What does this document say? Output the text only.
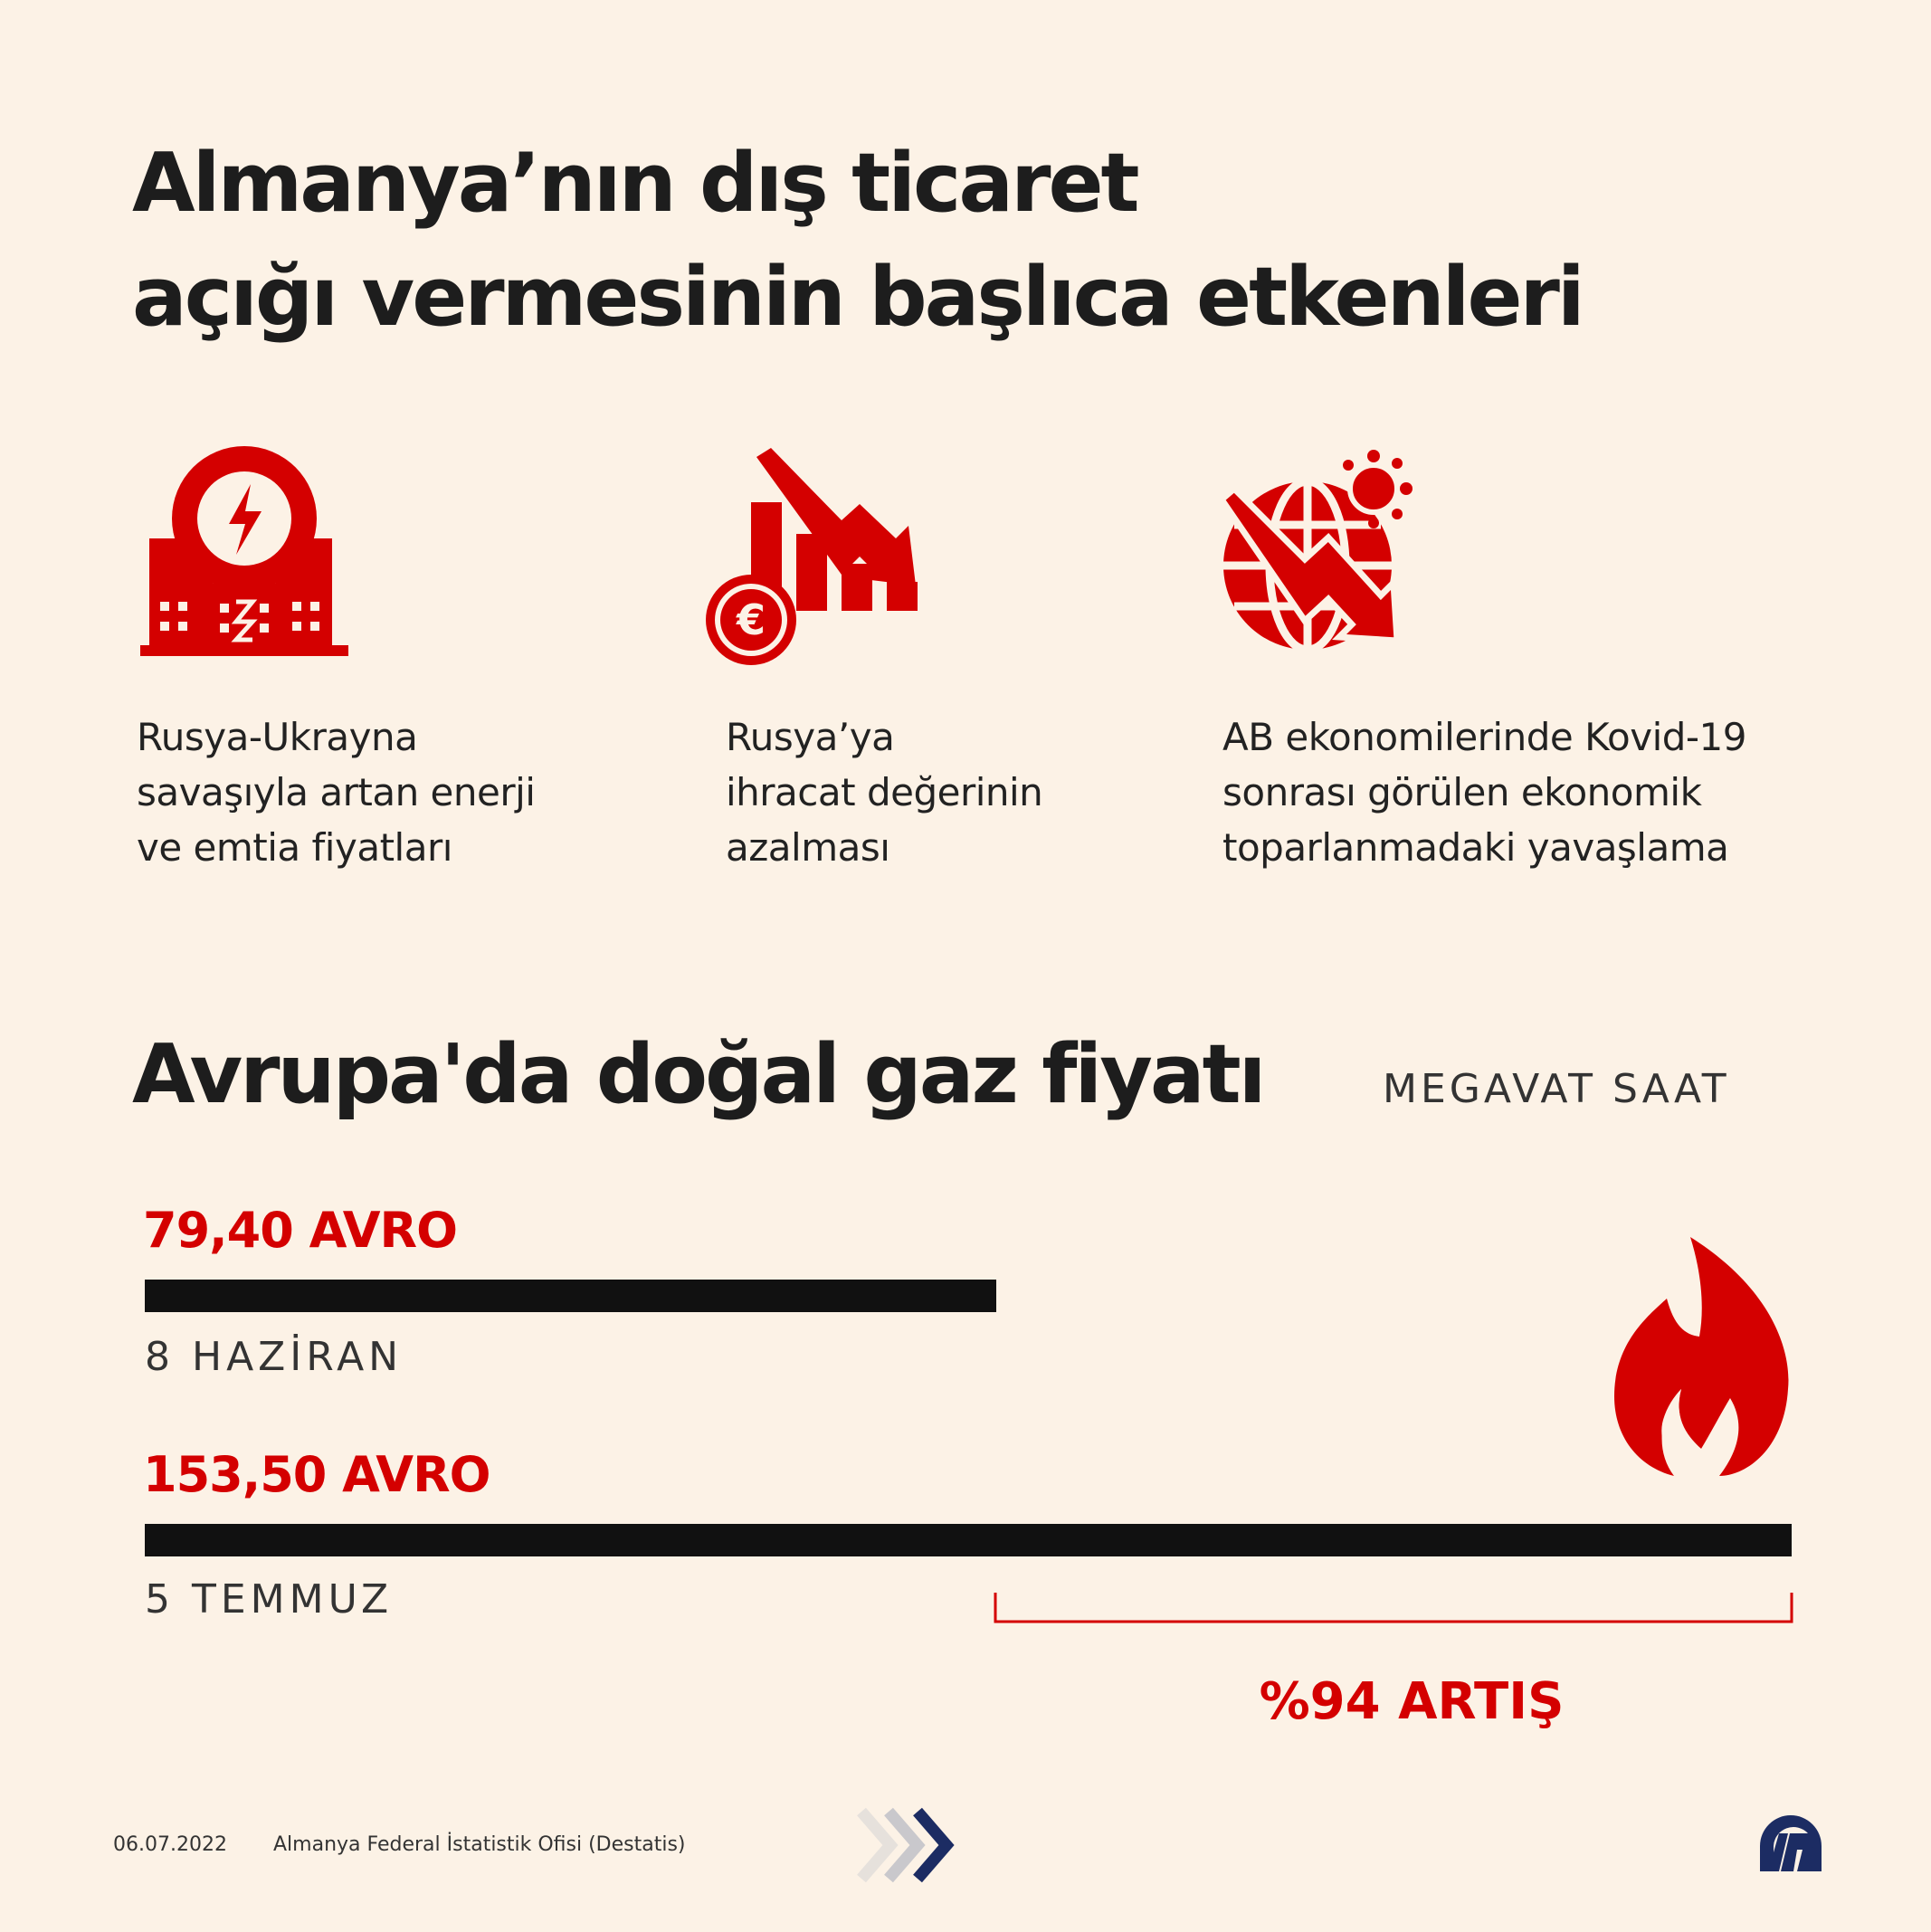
Almanya’nın dış ticaret
açığı vermesinin başlıca etkenleri
€
Rusya-Ukrayna
savaşıyla artan enerji
ve emtia fiyatları
Rusya’ya
ihracat değerinin
azalması
AB ekonomilerinde Kovid-19
sonrası görülen ekonomik
toparlanmadaki yavaşlama
Avrupa'da doğal gaz fiyatı	MEGAVAT SAAT
79,40 AVRO
8 HAZİRAN
153,50 AVRO
5 TEMMUZ
%94 ARTIŞ
06.07.2022 Almanya Federal İstatistik Ofisi (Destatis)
